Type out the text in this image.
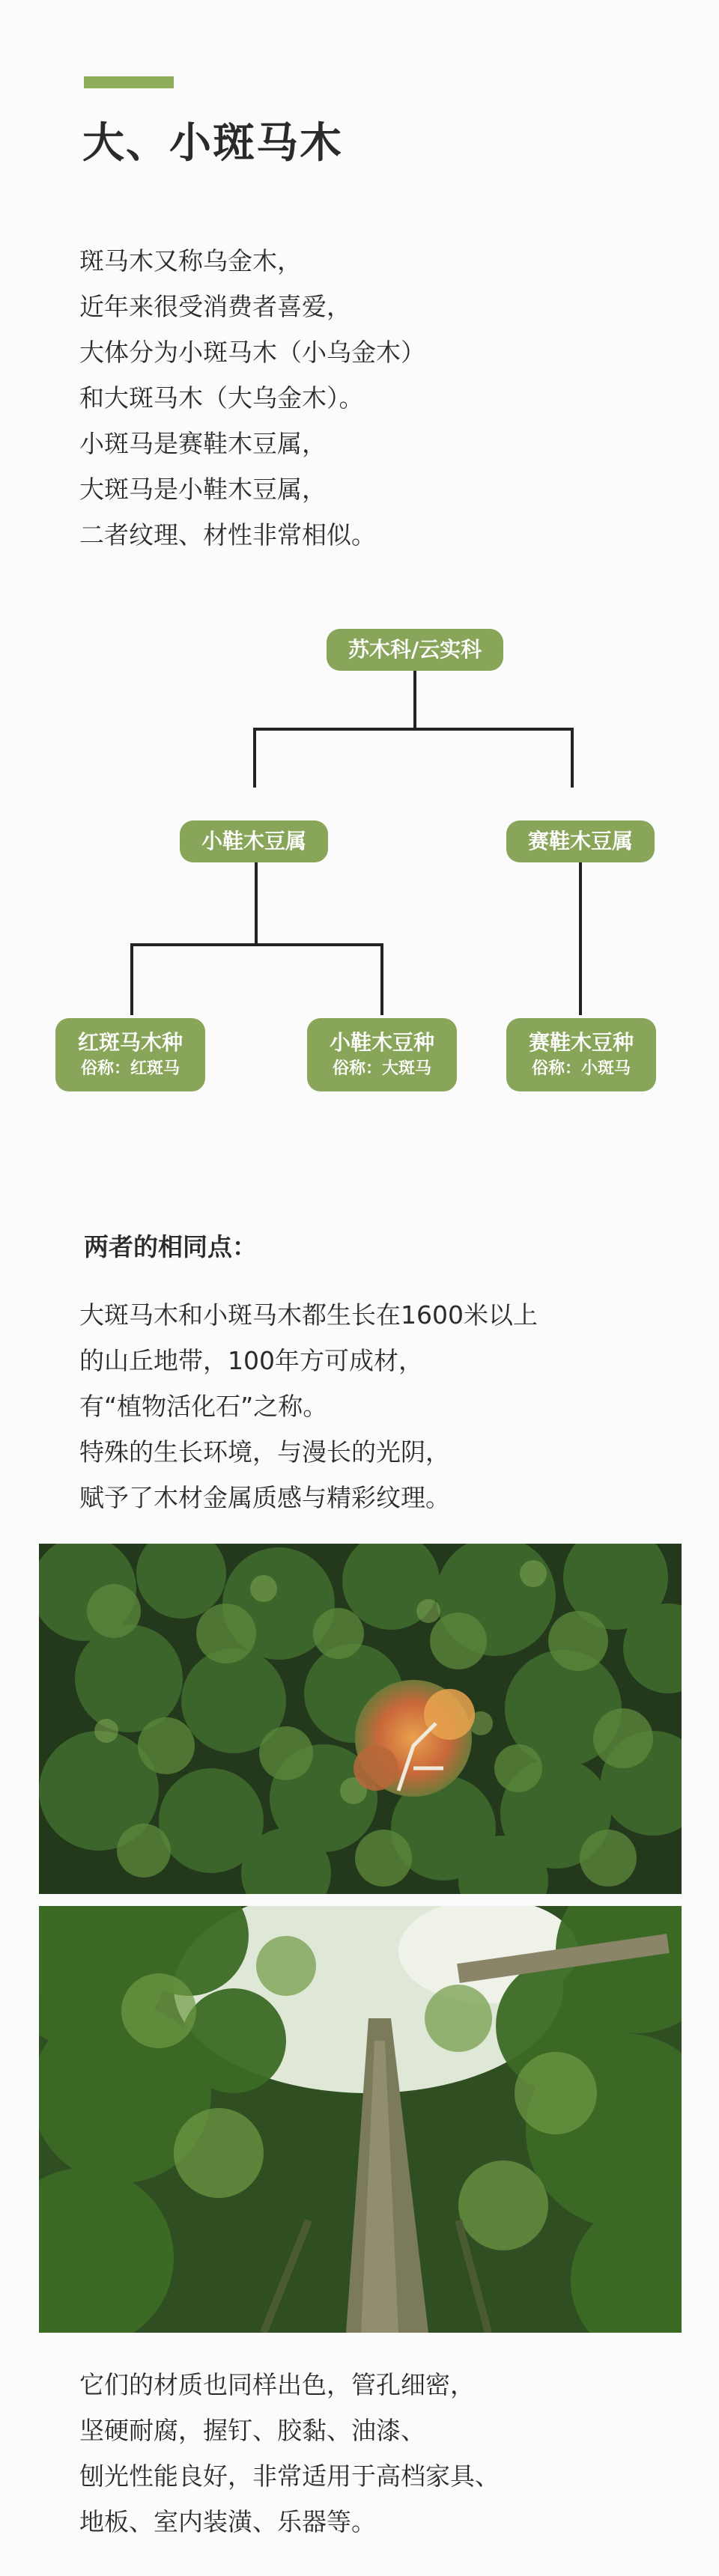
大、小斑马木
斑马木又称乌金木，
近年来很受消费者喜爱，
大体分为小斑马木（小乌金木）
和大斑马木（大乌金木）。
小斑马是赛鞋木豆属，
大斑马是小鞋木豆属，
二者纹理、材性非常相似。
苏木科/云实科
小鞋木豆属	赛鞋木豆属
红斑马木种
俗称：红斑马
小鞋木豆种
俗称：大斑马
赛鞋木豆种
俗称：小斑马
两者的相同点：
大斑马木和小斑马木都生长在1600米以上
的山丘地带，100年方可成材，
有“植物活化石”之称。
特殊的生长环境，与漫长的光阴，
赋予了木材金属质感与精彩纹理。
它们的材质也同样出色，管孔细密，
坚硬耐腐，握钉、胶黏、油漆、
刨光性能良好，非常适用于高档家具、
地板、室内装潢、乐器等。
